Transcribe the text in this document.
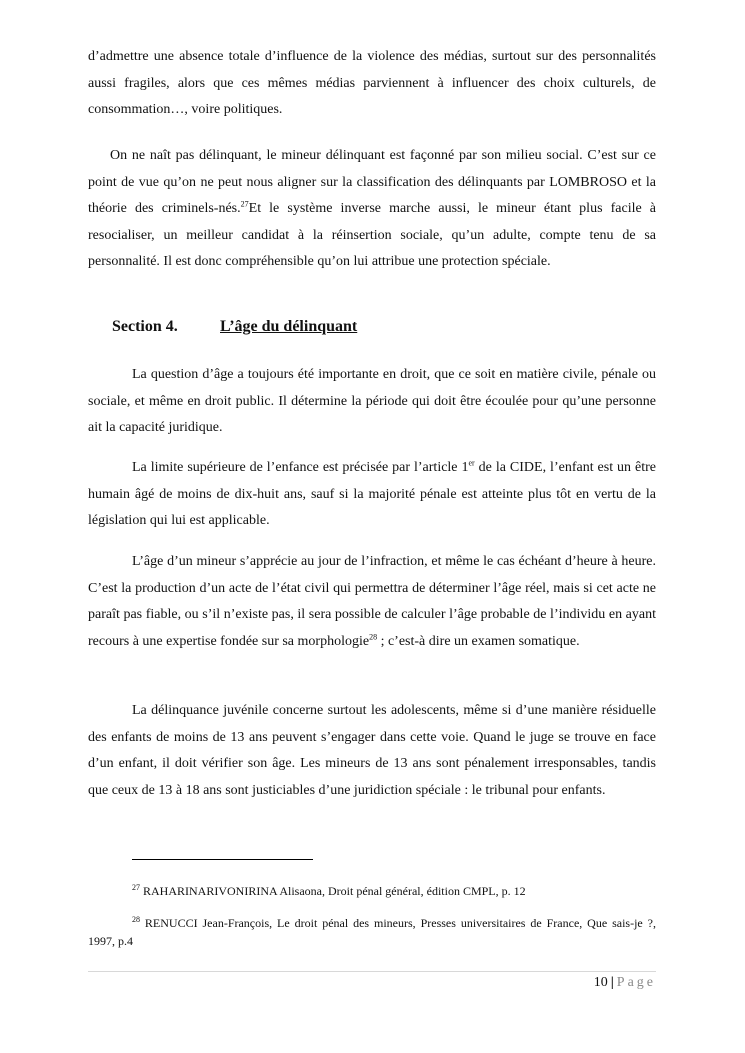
d’admettre une absence totale d’influence de la violence des médias, surtout sur des personnalités aussi fragiles, alors que ces mêmes médias parviennent à influencer des choix culturels, de consommation…, voire politiques.

On ne naît pas délinquant, le mineur délinquant est façonné par son milieu social. C’est sur ce point de vue qu’on ne peut nous aligner sur la classification des délinquants par LOMBROSO et la théorie des criminels-nés.$^{27}$Et le système inverse marche aussi, le mineur étant plus facile à resocialiser, un meilleur candidat à la réinsertion sociale, qu’un adulte, compte tenu de sa personnalité. Il est donc compréhensible qu’on lui attribue une protection spéciale.

Section 4.	L’âge du délinquant

La question d’âge a toujours été importante en droit, que ce soit en matière civile, pénale ou sociale, et même en droit public. Il détermine la période qui doit être écoulée pour qu’une personne ait la capacité juridique.

La limite supérieure de l’enfance est précisée par l’article 1er de la CIDE, l’enfant est un être humain âgé de moins de dix-huit ans, sauf si la majorité pénale est atteinte plus tôt en vertu de la législation qui lui est applicable.

L’âge d’un mineur s’apprécie au jour de l’infraction, et même le cas échéant d’heure à heure. C’est la production d’un acte de l’état civil qui permettra de déterminer l’âge réel, mais si cet acte ne paraît pas fiable, ou s’il n’existe pas, il sera possible de calculer l’âge probable de l’individu en ayant recours à une expertise fondée sur sa morphologie$^{28}$ ; c’est-à dire un examen somatique.

La délinquance juvénile concerne surtout les adolescents, même si d’une manière résiduelle des enfants de moins de 13 ans peuvent s’engager dans cette voie. Quand le juge se trouve en face d’un enfant, il doit vérifier son âge. Les mineurs de 13 ans sont pénalement irresponsables, tandis que ceux de 13 à 18 ans sont justiciables d’une juridiction spéciale : le tribunal pour enfants.

$^{27}$ RAHARINARIVONIRINA Alisaona, Droit pénal général, édition CMPL, p. 12

$^{28}$ RENUCCI Jean-François, Le droit pénal des mineurs, Presses universitaires de France, Que sais-je ?, 1997, p.4

10 | Page
